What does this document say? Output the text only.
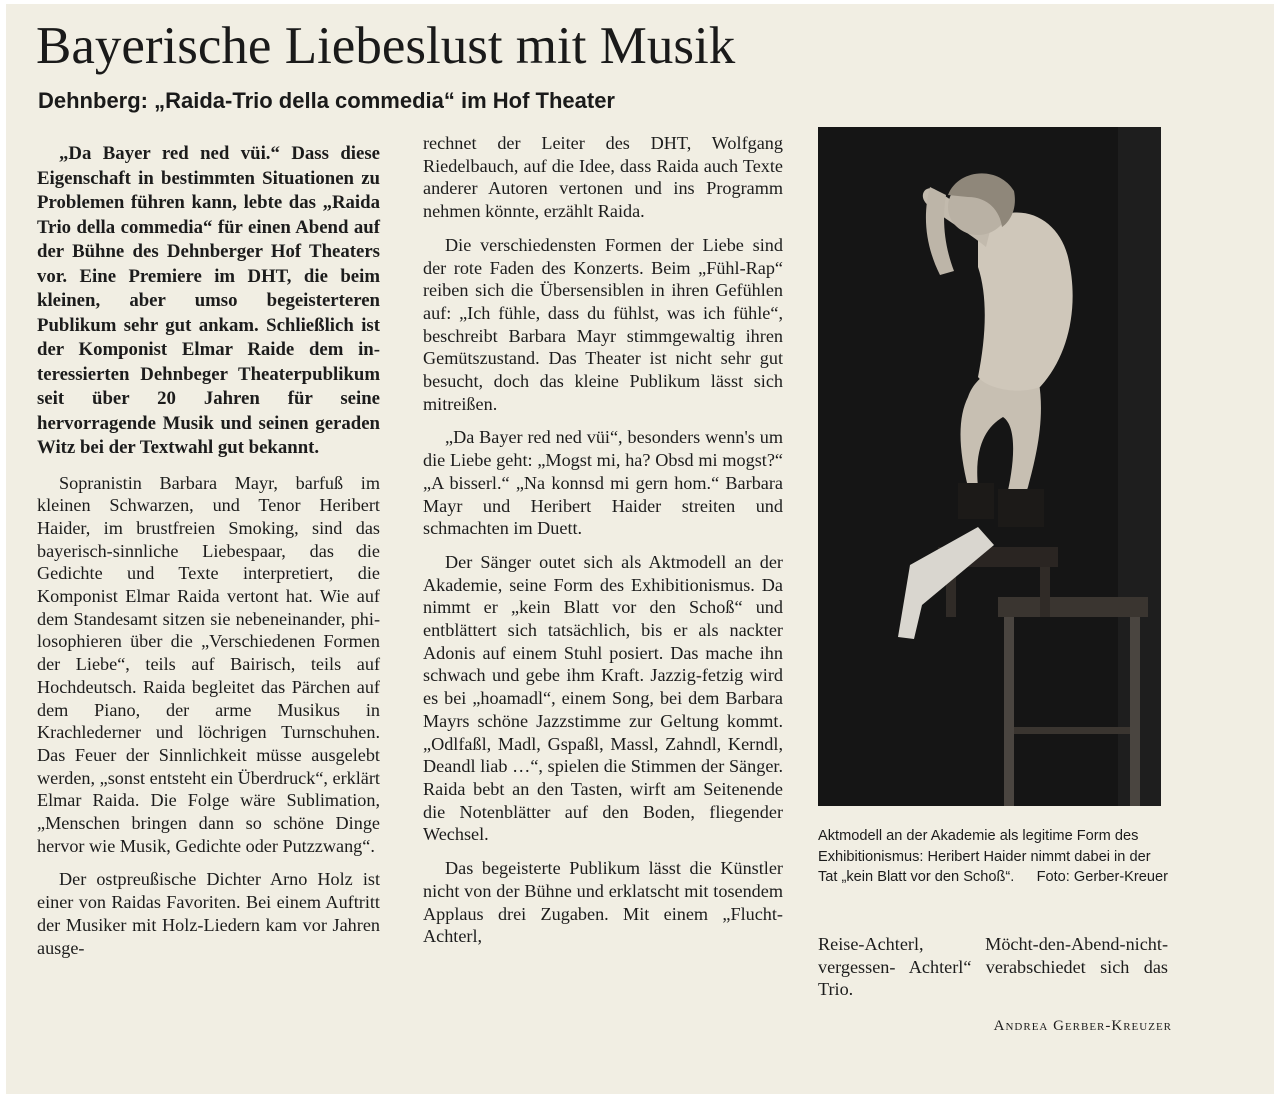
Bayerische Liebeslust mit Musik
Dehnberg: „Raida-Trio della commedia“ im Hof Theater

„Da Bayer red ned vüi.“ Dass diese Eigenschaft in bestimmten Situationen zu Problemen führen kann, lebte das „Raida Trio della commedia“ für einen Abend auf der Bühne des Dehnberger Hof Theaters vor. Eine Premiere im DHT, die beim kleinen, aber umso begeisterteren Publikum sehr gut ankam. Schließlich ist der Komponist Elmar Raide dem interessierten Dehnbeger Theaterpublikum seit über 20 Jahren für seine hervorragende Musik und seinen geraden Witz bei der Textwahl gut bekannt.

Sopranistin Barbara Mayr, barfuß im kleinen Schwarzen, und Tenor Heribert Haider, im brustfreien Smoking, sind das bayerisch-sinnliche Liebespaar, das die Gedichte und Texte interpretiert, die Komponist Elmar Raida vertont hat. Wie auf dem Standesamt sitzen sie nebeneinander, philosophieren über die „Verschiedenen Formen der Liebe“, teils auf Bairisch, teils auf Hochdeutsch. Raida begleitet das Pärchen auf dem Piano, der arme Musikus in Krachlederner und löchrigen Turnschuhen. Das Feuer der Sinnlichkeit müsse ausgelebt werden, „sonst entsteht ein Überdruck“, erklärt Elmar Raida. Die Folge wäre Sublimation, „Menschen bringen dann so schöne Dinge hervor wie Musik, Gedichte oder Putzzwang“.

Der ostpreußische Dichter Arno Holz ist einer von Raidas Favoriten. Bei einem Auftritt der Musiker mit Holz-Liedern kam vor Jahren ausge-

rechnet der Leiter des DHT, Wolfgang Riedelbauch, auf die Idee, dass Raida auch Texte anderer Autoren vertonen und ins Programm nehmen könnte, erzählt Raida.

Die verschiedensten Formen der Liebe sind der rote Faden des Konzerts. Beim „Fühl-Rap“ reiben sich die Übersensiblen in ihren Gefühlen auf: „Ich fühle, dass du fühlst, was ich fühle“, beschreibt Barbara Mayr stimmgewaltig ihren Gemütszustand. Das Theater ist nicht sehr gut besucht, doch das kleine Publikum lässt sich mitreißen.

„Da Bayer red ned vüi“, besonders wenn's um die Liebe geht: „Mogst mi, ha? Obsd mi mogst?“ „A bisserl.“ „Na konnsd mi gern hom.“ Barbara Mayr und Heribert Haider streiten und schmachten im Duett.

Der Sänger outet sich als Aktmodell an der Akademie, seine Form des Exhibitionismus. Da nimmt er „kein Blatt vor den Schoß“ und entblättert sich tatsächlich, bis er als nackter Adonis auf einem Stuhl posiert. Das mache ihn schwach und gebe ihm Kraft. Jazzig-fetzig wird es bei „hoamadl“, einem Song, bei dem Barbara Mayrs schöne Jazzstimme zur Geltung kommt. „Odlfaßl, Madl, Gspaßl, Massl, Zahndl, Kerndl, Deandl liab …“, spielen die Stimmen der Sänger. Raida bebt an den Tasten, wirft am Seitenende die Notenblätter auf den Boden, fliegender Wechsel.

Das begeisterte Publikum lässt die Künstler nicht von der Bühne und erklatscht mit tosendem Applaus drei Zugaben. Mit einem „Flucht-Achterl,

Aktmodell an der Akademie als legitime Form des Exhibitionismus: Heribert Haider nimmt dabei in der Tat „kein Blatt vor den Schoß“. Foto: Gerber-Kreuer

Reise-Achterl, Möcht-den-Abend-nicht-vergessen- Achterl“ verabschiedet sich das Trio.

Andrea Gerber-Kreuzer
